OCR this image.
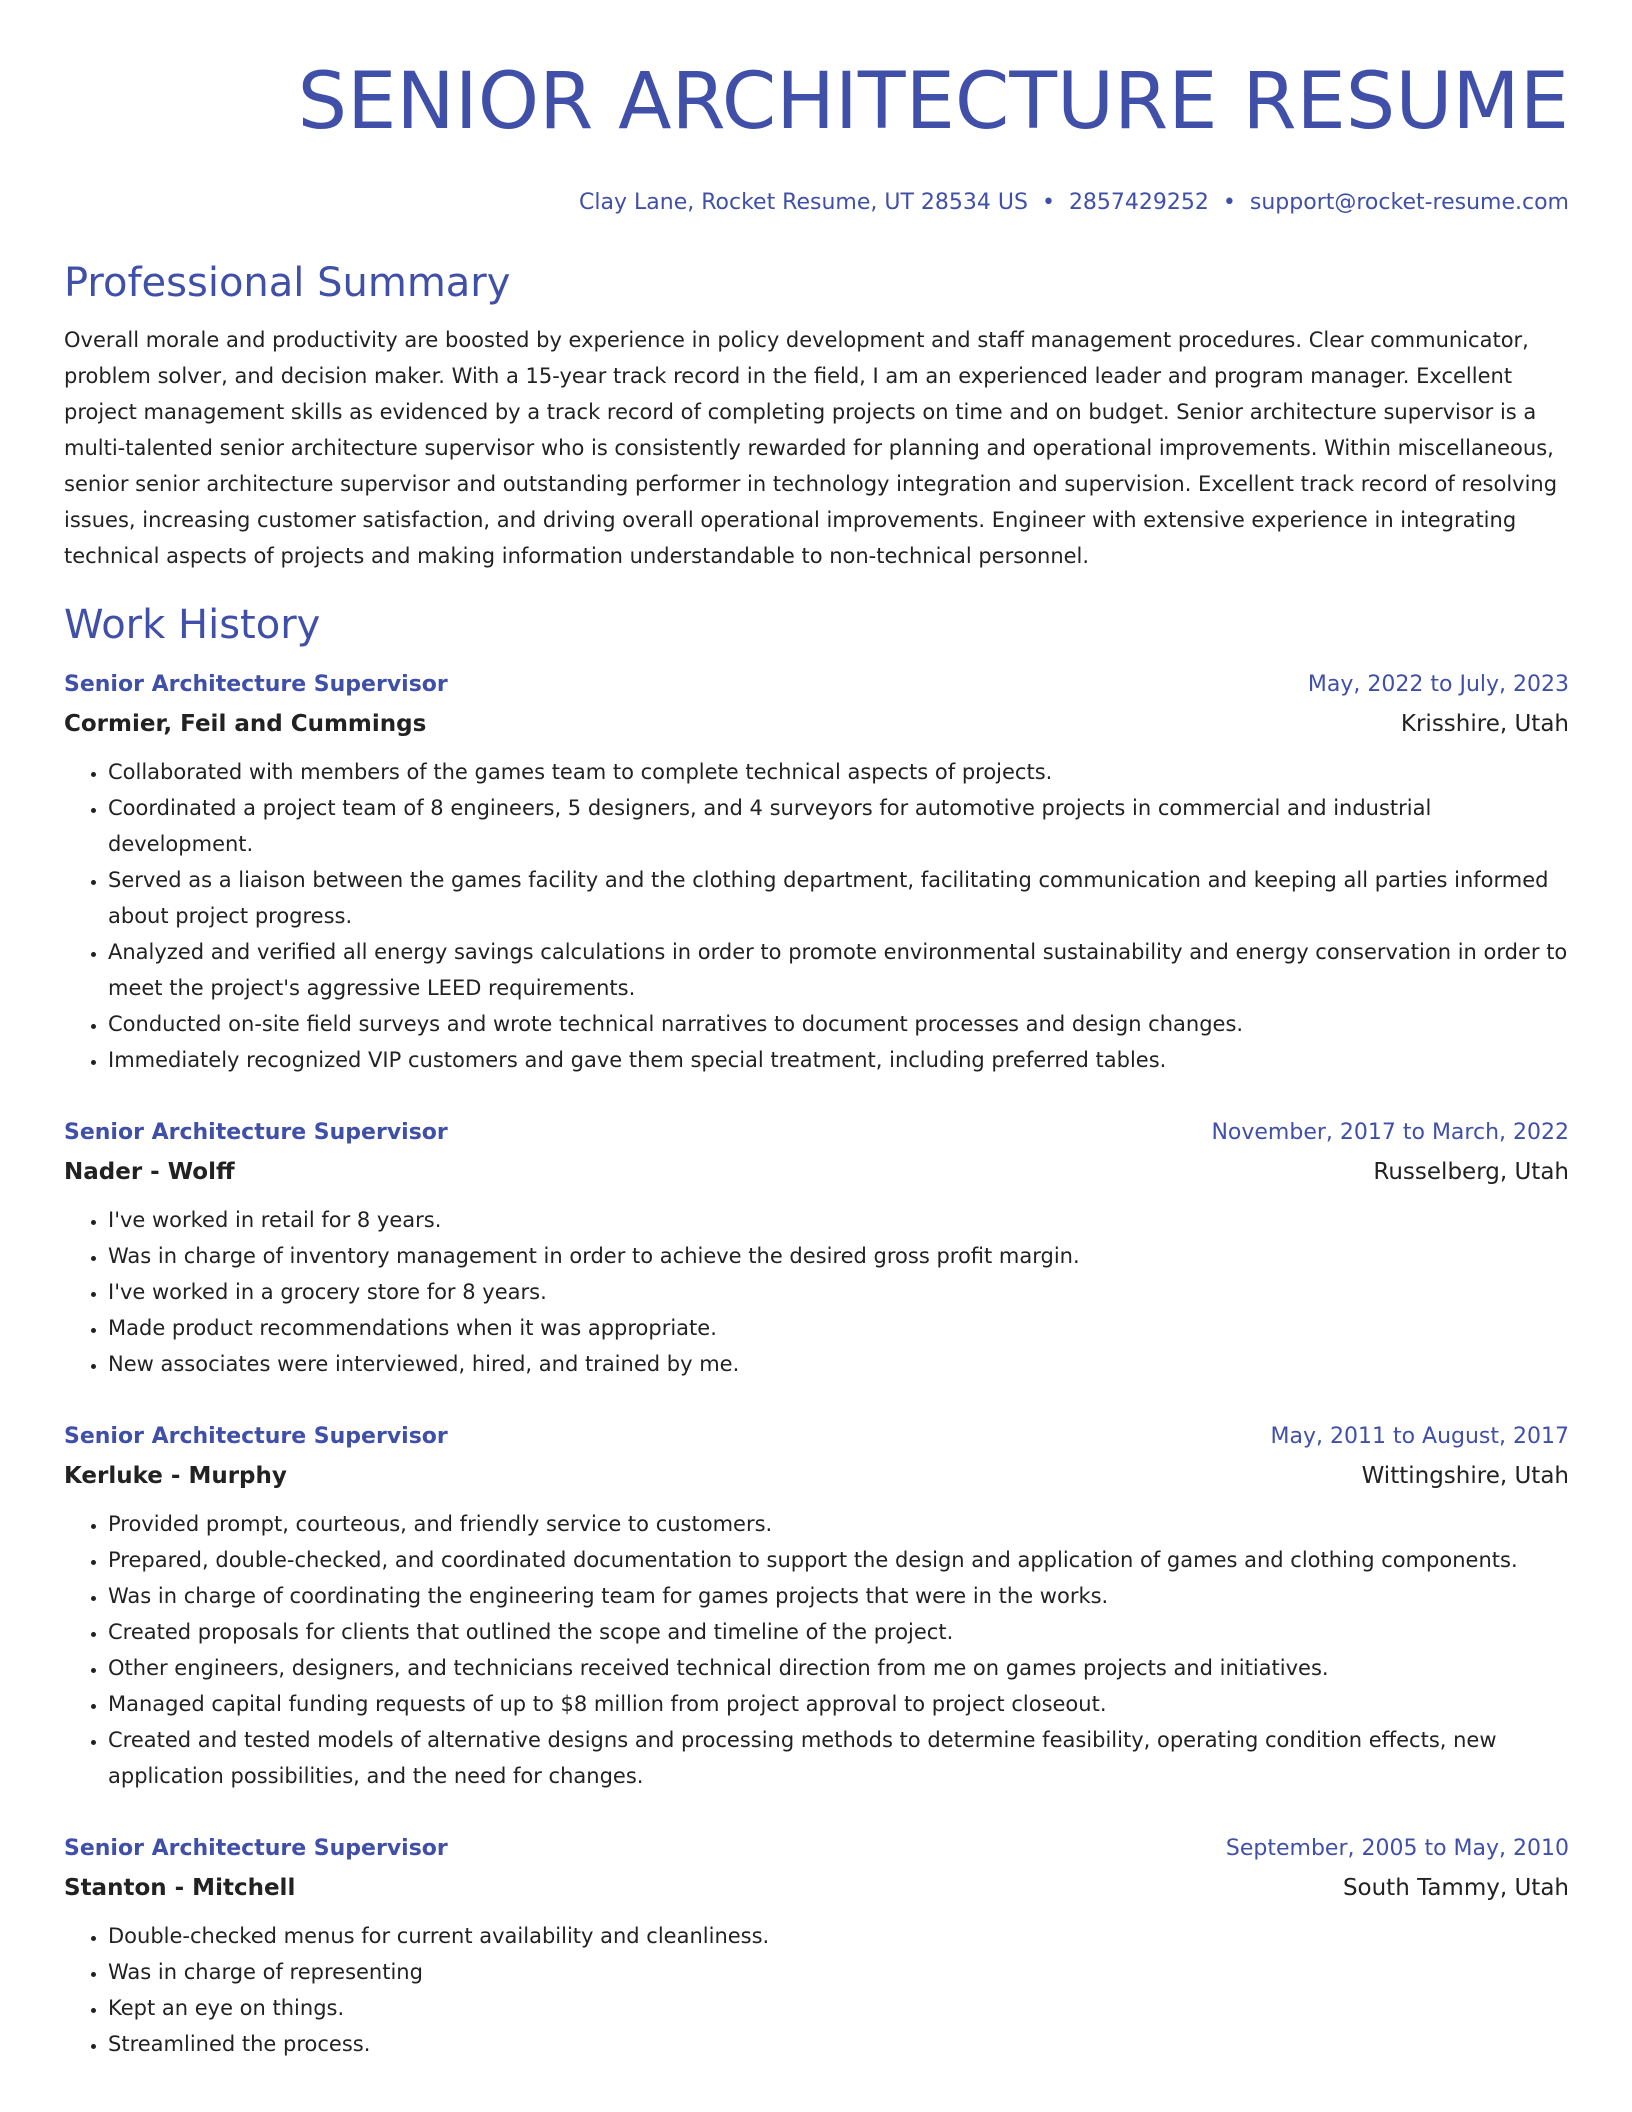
SENIOR ARCHITECTURE RESUME
Clay Lane, Rocket Resume, UT 28534 US • 2857429252 • support@rocket-resume.com
Professional Summary
Overall morale and productivity are boosted by experience in policy development and staff management procedures. Clear communicator, problem solver, and decision maker. With a 15-year track record in the field, I am an experienced leader and program manager. Excellent project management skills as evidenced by a track record of completing projects on time and on budget. Senior architecture supervisor is a multi-talented senior architecture supervisor who is consistently rewarded for planning and operational improvements. Within miscellaneous, senior senior architecture supervisor and outstanding performer in technology integration and supervision. Excellent track record of resolving issues, increasing customer satisfaction, and driving overall operational improvements. Engineer with extensive experience in integrating technical aspects of projects and making information understandable to non-technical personnel.
Work History
Senior Architecture Supervisor	May, 2022 to July, 2023
Cormier, Feil and Cummings	Krisshire, Utah
• Collaborated with members of the games team to complete technical aspects of projects.
• Coordinated a project team of 8 engineers, 5 designers, and 4 surveyors for automotive projects in commercial and industrial development.
• Served as a liaison between the games facility and the clothing department, facilitating communication and keeping all parties informed about project progress.
• Analyzed and verified all energy savings calculations in order to promote environmental sustainability and energy conservation in order to meet the project's aggressive LEED requirements.
• Conducted on-site field surveys and wrote technical narratives to document processes and design changes.
• Immediately recognized VIP customers and gave them special treatment, including preferred tables.
Senior Architecture Supervisor	November, 2017 to March, 2022
Nader - Wolff	Russelberg, Utah
• I've worked in retail for 8 years.
• Was in charge of inventory management in order to achieve the desired gross profit margin.
• I've worked in a grocery store for 8 years.
• Made product recommendations when it was appropriate.
• New associates were interviewed, hired, and trained by me.
Senior Architecture Supervisor	May, 2011 to August, 2017
Kerluke - Murphy	Wittingshire, Utah
• Provided prompt, courteous, and friendly service to customers.
• Prepared, double-checked, and coordinated documentation to support the design and application of games and clothing components.
• Was in charge of coordinating the engineering team for games projects that were in the works.
• Created proposals for clients that outlined the scope and timeline of the project.
• Other engineers, designers, and technicians received technical direction from me on games projects and initiatives.
• Managed capital funding requests of up to $8 million from project approval to project closeout.
• Created and tested models of alternative designs and processing methods to determine feasibility, operating condition effects, new application possibilities, and the need for changes.
Senior Architecture Supervisor	September, 2005 to May, 2010
Stanton - Mitchell	South Tammy, Utah
• Double-checked menus for current availability and cleanliness.
• Was in charge of representing
• Kept an eye on things.
• Streamlined the process.
